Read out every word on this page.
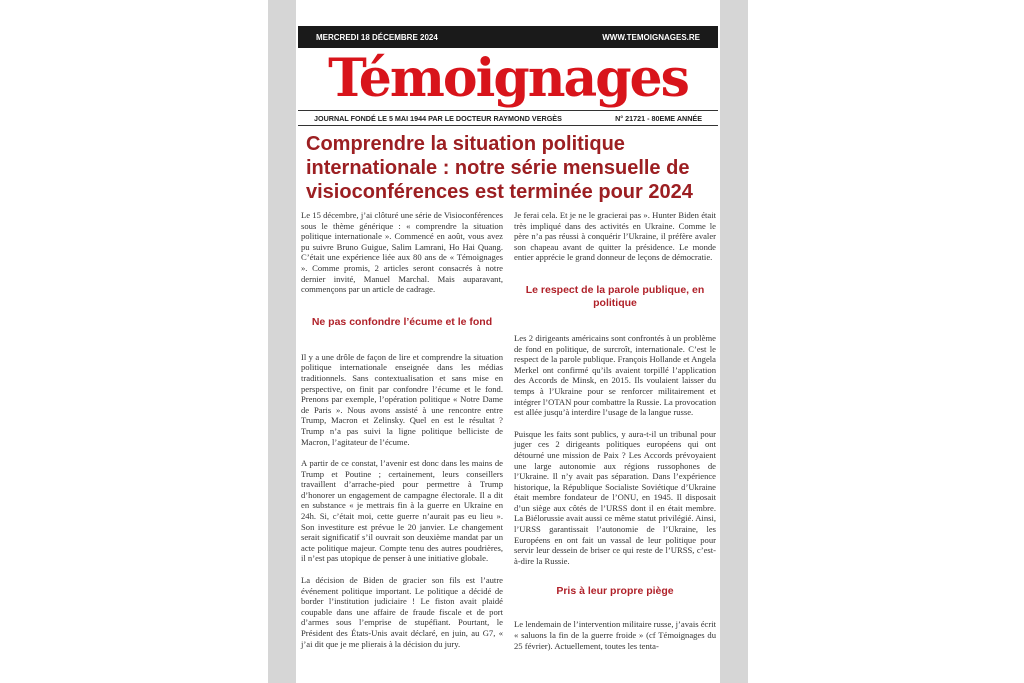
MERCREDI 18 DÉCEMBRE 2024	WWW.TEMOIGNAGES.RE
Témoignages
JOURNAL FONDÉ LE 5 MAI 1944 PAR LE DOCTEUR RAYMOND VERGÈS	N° 21721 - 80EME ANNÉE
Comprendre la situation politique internationale : notre série mensuelle de visioconférences est terminée pour 2024

Le 15 décembre, j’ai clôturé une série de Visioconférences sous le thème générique : « comprendre la situation politique internationale ». Commencé en août, vous avez pu suivre Bruno Guigue, Salim Lamrani, Ho Hai Quang. C’était une expérience liée aux 80 ans de « Témoignages ». Comme promis, 2 articles seront consacrés à notre dernier invité, Manuel Marchal. Mais auparavant, commençons par un article de cadrage.

Ne pas confondre l’écume et le fond

Il y a une drôle de façon de lire et comprendre la situation politique internationale enseignée dans les médias traditionnels. Sans contextualisation et sans mise en perspective, on finit par confondre l’écume et le fond. Prenons par exemple, l’opération politique « Notre Dame de Paris ». Nous avons assisté à une rencontre entre Trump, Macron et Zelinsky. Quel en est le résultat ? Trump n’a pas suivi la ligne politique belliciste de Macron, l’agitateur de l’écume.

A partir de ce constat, l’avenir est donc dans les mains de Trump et Poutine ; certainement, leurs conseillers travaillent d’arrache-pied pour permettre à Trump d’honorer un engagement de campagne électorale. Il a dit en substance « je mettrais fin à la guerre en Ukraine en 24h. Si, c’était moi, cette guerre n’aurait pas eu lieu ». Son investiture est prévue le 20 janvier. Le changement serait significatif s’il ouvrait son deuxième mandat par un acte politique majeur. Compte tenu des autres poudrières, il n’est pas utopique de penser à une initiative globale.

La décision de Biden de gracier son fils est l’autre événement politique important. Le politique a décidé de border l’institution judiciaire ! Le fiston avait plaidé coupable dans une affaire de fraude fiscale et de port d’armes sous l’emprise de stupéfiant. Pourtant, le Président des États-Unis avait déclaré, en juin, au G7, « j’ai dit que je me plierais à la décision du jury.

Je ferai cela. Et je ne le gracierai pas ». Hunter Biden était très impliqué dans des activités en Ukraine. Comme le père n’a pas réussi à conquérir l’Ukraine, il préfère avaler son chapeau avant de quitter la présidence. Le monde entier apprécie le grand donneur de leçons de démocratie.

Le respect de la parole publique, en politique

Les 2 dirigeants américains sont confrontés à un problème de fond en politique, de surcroît, internationale. C’est le respect de la parole publique. François Hollande et Angela Merkel ont confirmé qu’ils avaient torpillé l’application des Accords de Minsk, en 2015. Ils voulaient laisser du temps à l’Ukraine pour se renforcer militairement et intégrer l’OTAN pour combattre la Russie. La provocation est allée jusqu’à interdire l’usage de la langue russe.

Puisque les faits sont publics, y aura-t-il un tribunal pour juger ces 2 dirigeants politiques européens qui ont détourné une mission de Paix ? Les Accords prévoyaient une large autonomie aux régions russophones de l’Ukraine. Il n’y avait pas séparation. Dans l’expérience historique, la République Socialiste Soviétique d’Ukraine était membre fondateur de l’ONU, en 1945. Il disposait d’un siège aux côtés de l’URSS dont il en était membre. La Biélorussie avait aussi ce même statut privilégié. Ainsi, l’URSS garantissait l’autonomie de l’Ukraine, les Européens en ont fait un vassal de leur politique pour servir leur dessein de briser ce qui reste de l’URSS, c’est-à-dire la Russie.

Pris à leur propre piège

Le lendemain de l’intervention militaire russe, j’avais écrit « saluons la fin de la guerre froide » (cf Témoignages du 25 février). Actuellement, toutes les tenta-
